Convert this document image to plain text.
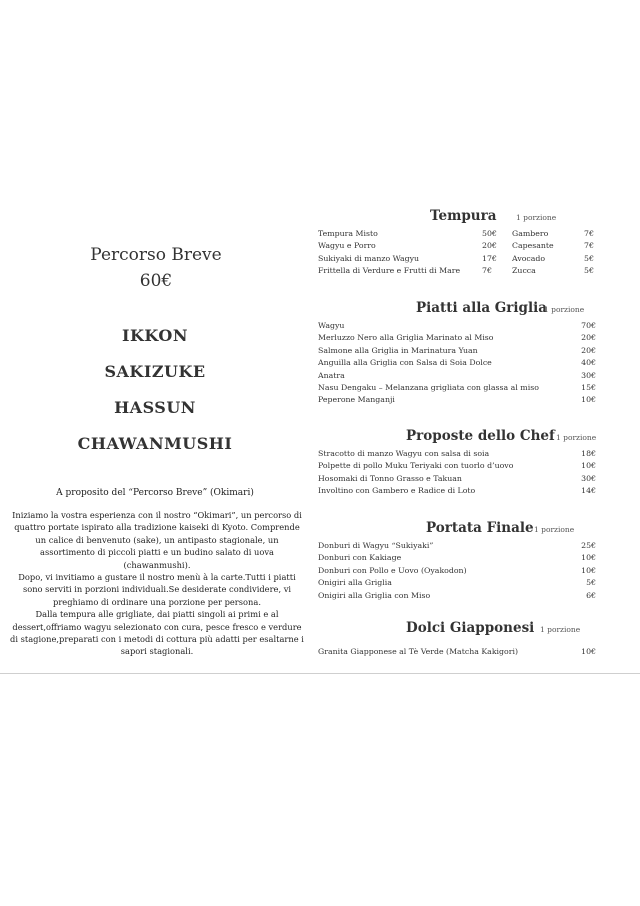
Percorso Breve
60€
IKKON
SAKIZUKE
HASSUN
CHAWANMUSHI
A proposito del “Percorso Breve” (Okimari)

Iniziamo la vostra esperienza con il nostro “Okimari”, un percorso di quattro portate ispirato alla tradizione kaiseki di Kyoto. Comprende un calice di benvenuto (sake), un antipasto stagionale, un assortimento di piccoli piatti e un budino salato di uova (chawanmushi).

Dopo, vi invitiamo a gustare il nostro menù à la carte.Tutti i piatti sono serviti in porzioni individuali.Se desiderate condividere, vi preghiamo di ordinare una porzione per persona.

Dalla tempura alle grigliate, dai piatti singoli ai primi e al dessert,offriamo wagyu selezionato con cura, pesce fresco e verdure di stagione,preparati con i metodi di cottura più adatti per esaltarne i sapori stagionali.

Tempura	1 porzione
Tempura Misto	50€ Gambero	7€
Wagyu e Porro	20€ Capesante	7€
Sukiyaki di manzo Wagyu	17€ Avocado	5€
Frittella di Verdure e Frutti di Mare	7€	Zucca	5€
Piatti alla Griglia
1 porzione
Wagyu	70€
Merluzzo Nero alla Griglia Marinato al Miso	20€
Salmone alla Griglia in Marinatura Yuan	20€
Anguilla alla Griglia con Salsa di Soia Dolce	40€
Anatra	30€
Nasu Dengaku – Melanzana grigliata con glassa al miso	15€
Peperone Manganji	10€
Proposte dello Chef 1 porzione
Stracotto di manzo Wagyu con salsa di soia	18€
Polpette di pollo Muku Teriyaki con tuorlo d’uovo	10€
Hosomaki di Tonno Grasso e Takuan	30€
Involtino con Gambero e Radice di Loto	14€
Portata Finale 1 porzione
Donburi di Wagyu “Sukiyaki”	25€
Donburi con Kakiage	10€
Donburi con Pollo e Uovo (Oyakodon)	10€
Onigiri alla Griglia	5€
Onigiri alla Griglia con Miso	6€
Dolci Giapponesi 1 porzione
Granita Giapponese al Tè Verde (Matcha Kakigori)	10€
